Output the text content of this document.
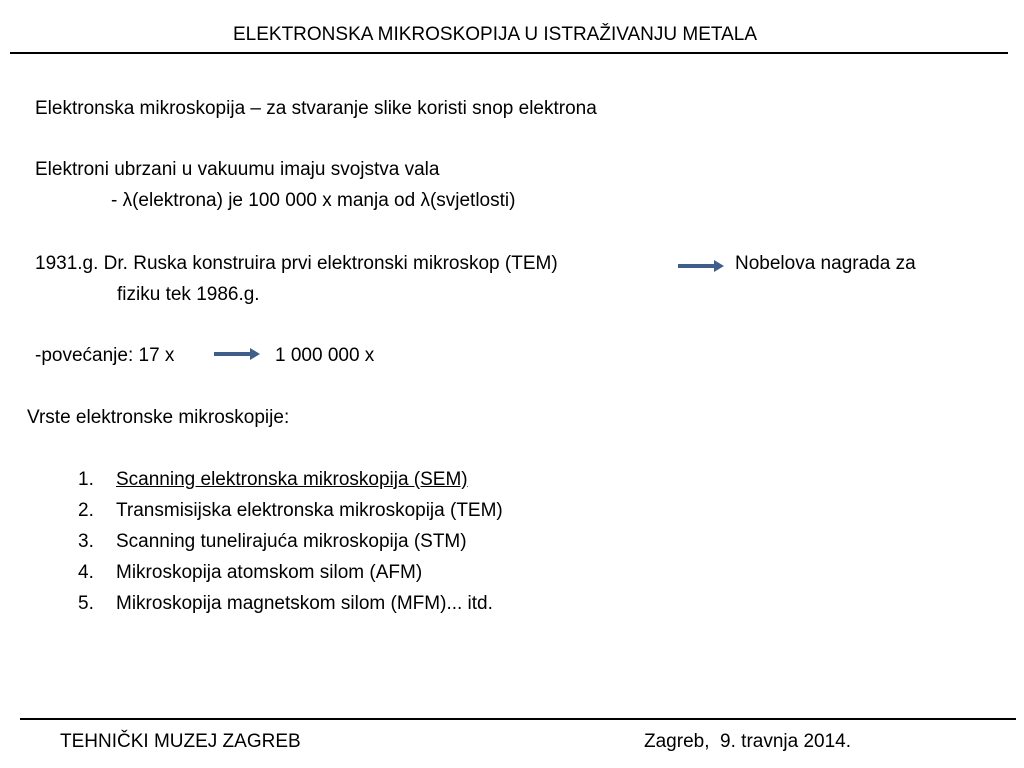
ELEKTRONSKA MIKROSKOPIJA U ISTRAŽIVANJU METALA
Elektronska mikroskopija – za stvaranje slike koristi snop elektrona
Elektroni ubrzani u vakuumu imaju svojstva vala
- λ(elektrona) je 100 000 x manja od λ(svjetlosti)
1931.g. Dr. Ruska konstruira prvi elektronski mikroskop (TEM)	Nobelova nagrada za
fiziku tek 1986.g.
-povećanje: 17 x	1 000 000 x
Vrste elektronske mikroskopije:
1. Scanning elektronska mikroskopija (SEM)
2. Transmisijska elektronska mikroskopija (TEM)
3. Scanning tunelirajuća mikroskopija (STM)
4. Mikroskopija atomskom silom (AFM)
5. Mikroskopija magnetskom silom (MFM)... itd.
TEHNIČKI MUZEJ ZAGREB	Zagreb,  9. travnja 2014.
